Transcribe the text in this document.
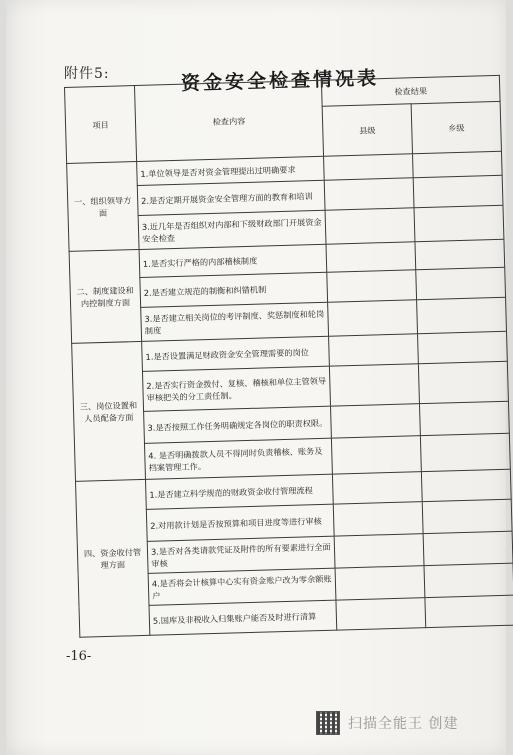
附件5:	资金安全检查情况表
项目	检查内容	检查结果	
		县级	乡级
一、组织领导方面	1.单位领导是否对资金管理提出过明确要求		
	2.是否定期开展资金安全管理方面的教育和培训		
	3.近几年是否组织对内部和下级财政部门开展资金安全检查		
二、制度建设和内控制度方面	1.是否实行严格的内部稽核制度		
	2.是否建立规范的制衡和纠错机制		
	3.是否建立相关岗位的考评制度、奖惩制度和轮岗制度		
三、岗位设置和人员配备方面	1.是否设置满足财政资金安全管理需要的岗位		
	2.是否实行资金拨付、复核、稽核和单位主管领导审核把关的分工责任制。		
	3.是否按照工作任务明确规定各岗位的职责权限。		
	4. 是否明确拨款人员不得同时负责稽核、账务及档案管理工作。		
四、资金收付管理方面	1.是否建立科学规范的财政资金收付管理流程		
	2.对用款计划是否按预算和项目进度等进行审核		
	3.是否对各类请款凭证及附件的所有要素进行全面审核		
	4.是否将会计核算中心实有资金账户改为零余额账户		
	5.国库及非税收入归集账户能否及时进行清算		
-16-
扫描全能王 创建
